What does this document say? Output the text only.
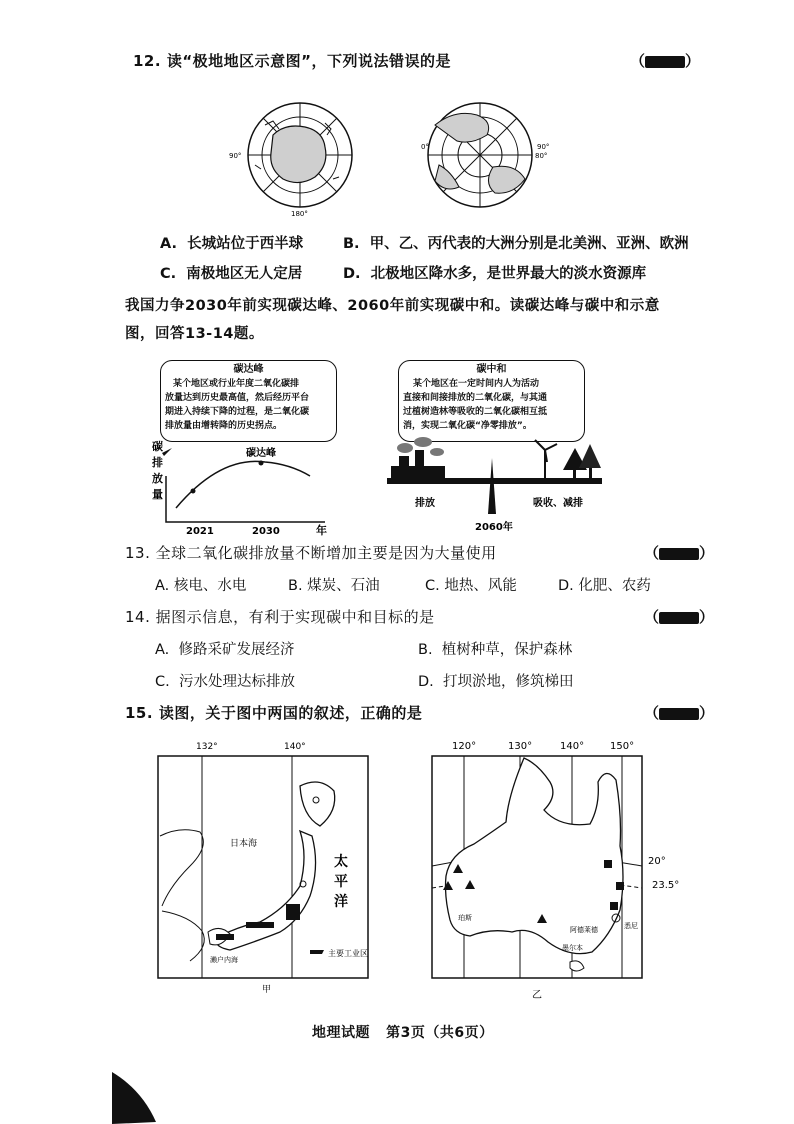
12. 读“极地地区示意图”，下列说法错误的是	（	）
90°
180°
0°
80°
90°
A. 长城站位于西半球	B. 甲、乙、丙代表的大洲分别是北美洲、亚洲、欧洲
C. 南极地区无人定居	D. 北极地区降水多，是世界最大的淡水资源库
我国力争2030年前实现碳达峰、2060年前实现碳中和。读碳达峰与碳中和示意
图，回答13-14题。
碳达峰
某个地区或行业年度二氧化碳排
放量达到历史最高值，然后经历平台
期进入持续下降的过程，是二氧化碳
排放量由增转降的历史拐点。
碳达峰
2021	2030	年
碳
排
放
量
碳中和
某个地区在一定时间内人为活动
直接和间接排放的二氧化碳，与其通
过植树造林等吸收的二氧化碳相互抵
消，实现二氧化碳“净零排放”。
排放	吸收、减排
2060年
13. 全球二氧化碳排放量不断增加主要是因为大量使用	（	）
A. 核电、水电	B. 煤炭、石油	C. 地热、风能	D. 化肥、农药
14. 据图示信息，有利于实现碳中和目标的是	（	）
A. 修路采矿发展经济	B. 植树种草，保护森林
C. 污水处理达标排放	D. 打坝淤地，修筑梯田
15. 读图，关于图中两国的叙述，正确的是	（	）
132°	140°
日本海
太
平
洋
濑户内海
主要工业区
甲
120°	130°	140°	150°
20°
23.5°
珀斯
阿德莱德
墨尔本
悉尼
乙
地理试题 第3页（共6页）
